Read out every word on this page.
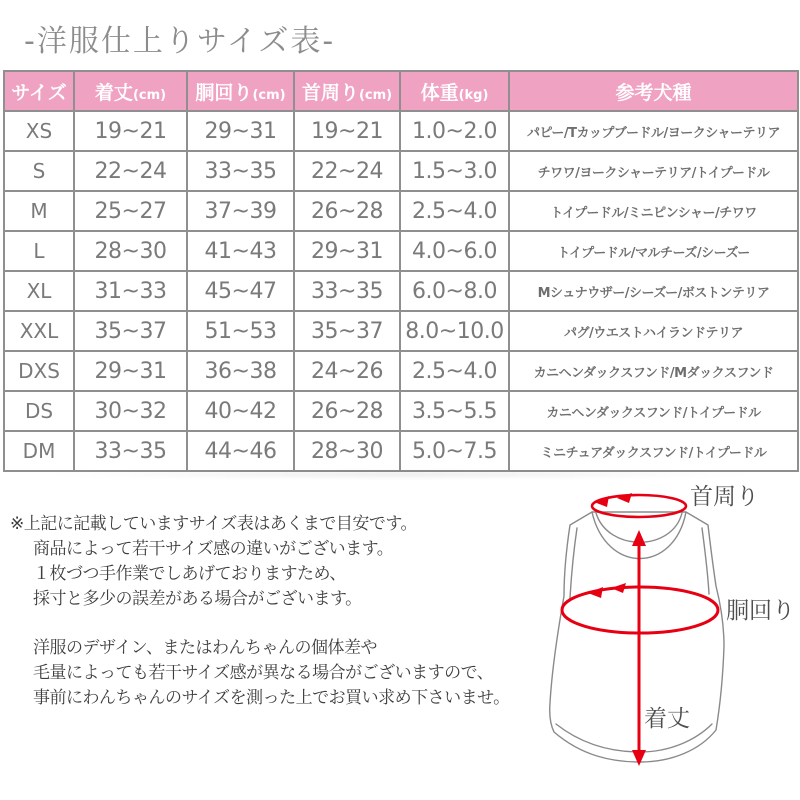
-洋服仕上りサイズ表-
サイズ	着丈(cm)	胴回り(cm)	首周り(cm)	体重(kg)	参考犬種
XS	19~21	29~31	19~21	1.0~2.0	パピー/Tカップブードル/ヨークシャーテリア
S	22~24	33~35	22~24	1.5~3.0	チワワ/ヨークシャーテリア/トイプードル
M	25~27	37~39	26~28	2.5~4.0	トイプードル/ミニピンシャー/チワワ
L	28~30	41~43	29~31	4.0~6.0	トイプードル/マルチーズ/シーズー
XL	31~33	45~47	33~35	6.0~8.0	Mシュナウザー/シーズー/ボストンテリア
XXL	35~37	51~53	35~37	8.0~10.0	パグ/ウエストハイランドテリア
DXS	29~31	36~38	24~26	2.5~4.0	カニヘンダックスフンド/Mダックスフンド
DS	30~32	40~42	26~28	3.5~5.5	カニヘンダックスフンド/トイプードル
DM	33~35	44~46	28~30	5.0~7.5	ミニチュアダックスフンド/トイプードル
※上記に記載していますサイズ表はあくまで目安です。
商品によって若干サイズ感の違いがございます。
１枚づつ手作業でしあげておりますため、
採寸と多少の誤差がある場合がございます。
洋服のデザイン、またはわんちゃんの個体差や
毛量によっても若干サイズ感が異なる場合がございますので、
事前にわんちゃんのサイズを測った上でお買い求め下さいませ。
首周り
胴回り
着丈
